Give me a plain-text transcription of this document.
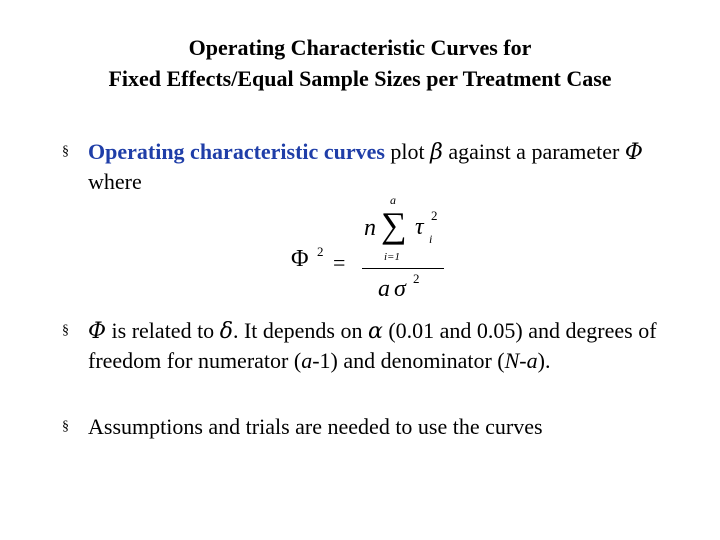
Operating Characteristic Curves for
Fixed Effects/Equal Sample Sizes per Treatment Case
§ Operating characteristic curves plot β against a parameter Φ where
Φ 2 =
n ∑
a
i=1
τ 2
i
a σ 2
§ Φ is related to δ. It depends on α (0.01 and 0.05) and degrees of freedom for numerator (a-1) and denominator (N-a).
§ Assumptions and trials are needed to use the curves
